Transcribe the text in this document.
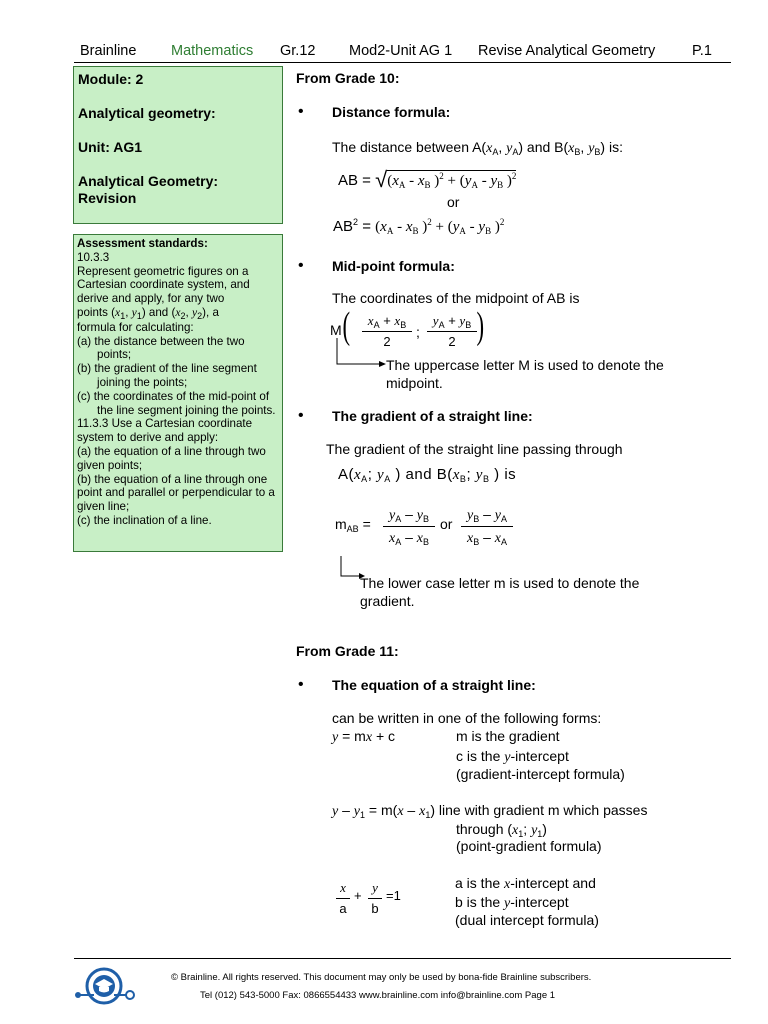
Brainline Mathematics Gr.12 Mod2-Unit AG 1 Revise Analytical Geometry	P.1
Module: 2
Analytical geometry:
Unit: AG1
Analytical Geometry:
Revision
Assessment standards:
10.3.3
Represent geometric figures on a
Cartesian coordinate system, and
derive and apply, for any two
points ($x_1$, $y_1$) and ($x_2$, $y_2$), a
formula for calculating:
(a) the distance between the two points;
(b) the gradient of the line segment joining the points;
(c) the coordinates of the mid-point of the line segment joining the points.
11.3.3 Use a Cartesian coordinate system to derive and apply:
(a) the equation of a line through two given points;
(b) the equation of a line through one point and parallel or perpendicular to a given line;
(c) the inclination of a line.
From Grade 10:
• Distance formula:
The distance between $A(x_A$, $y_A$) and $B(x_B$, $y_B$) is:
AB = $√(x_A - x_B$ )$^2 + (y_A - y_B$ )$^2$
or
$AB^2 = (x_A - x_B$ )$^2 + (y_A - y_B$ )$^2$
• Mid-point formula:
The coordinates of the midpoint of AB is
M (	$x_A + x_B$
2
;
$y_A + y_B$
2 )
The uppercase letter M is used to denote the
midpoint.
• The gradient of a straight line:
The gradient of the straight line passing through
$A(x_A$; $y_A$ ) and $B(x_B$; $y_B$ ) is
$m_{AB}$ =
$y_A - y_B$
$x_A - x_B$
or
$y_B - y_A$
$x_B - x_A$
The lower case letter m is used to denote the
gradient.
From Grade 11:
• The equation of a straight line:
can be written in one of the following forms:
y = mx + c	m is the gradient
c is the y-intercept
(gradient-intercept formula)
$y - y_1 = m(x - x_1)$ line with gradient m which passes
through ($x_1$; $y_1$)
(point-gradient formula)
x
a
+
y
b
=1
a is the x-intercept and
b is the y-intercept
(dual intercept formula)
© Brainline. All rights reserved. This document may only be used by bona-fide Brainline subscribers.
Tel (012) 543-5000 Fax: 0866554433 www.brainline.com info@brainline.com Page 1
